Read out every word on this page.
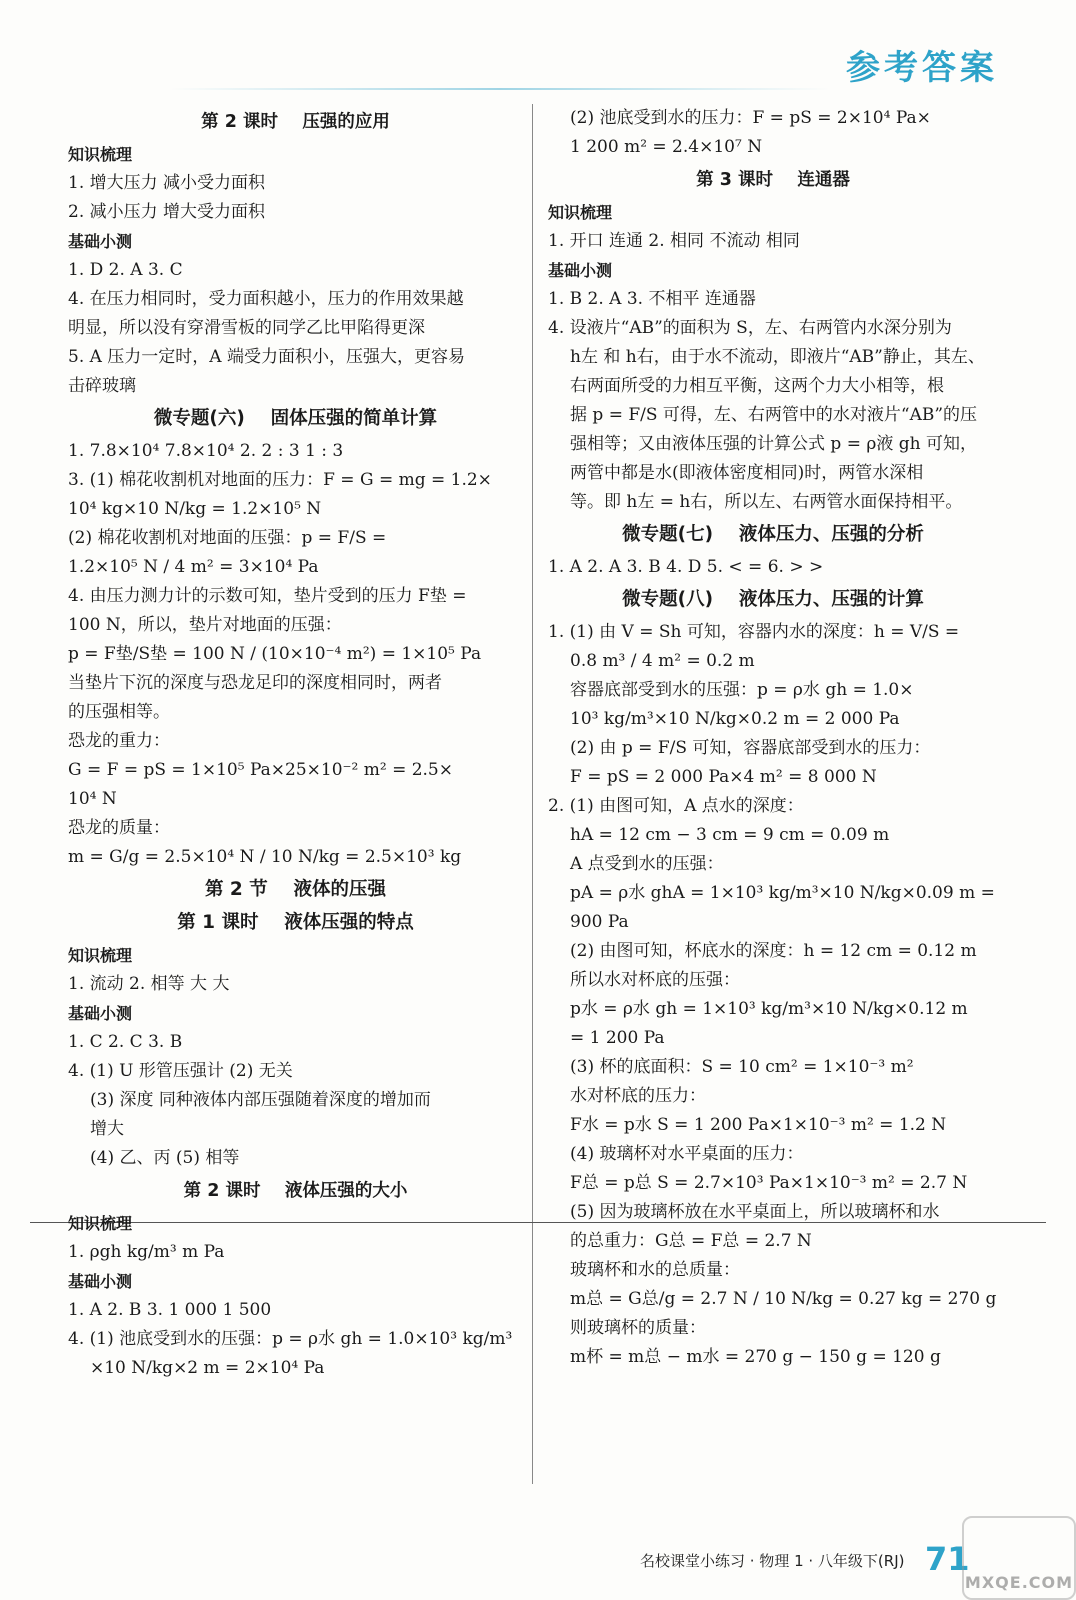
参考答案
第 2 课时    压强的应用
知识梳理
1. 增大压力 减小受力面积
2. 减小压力 增大受力面积
基础小测
1. D 2. A 3. C
4. 在压力相同时，受力面积越小，压力的作用效果越
明显，所以没有穿滑雪板的同学乙比甲陷得更深
5. A 压力一定时，A 端受力面积小，压强大，更容易
击碎玻璃
微专题(六)    固体压强的简单计算
1. 7.8×10⁴ 7.8×10⁴ 2. 2 : 3 1 : 3
3. (1) 棉花收割机对地面的压力：F = G = mg = 1.2×
10⁴ kg×10 N/kg = 1.2×10⁵ N
(2) 棉花收割机对地面的压强：p = F/S =
1.2×10⁵ N / 4 m² = 3×10⁴ Pa
4. 由压力测力计的示数可知，垫片受到的压力 F垫 =
100 N，所以，垫片对地面的压强：
p = F垫/S垫 = 100 N / (10×10⁻⁴ m²) = 1×10⁵ Pa
当垫片下沉的深度与恐龙足印的深度相同时，两者
的压强相等。
恐龙的重力：
G = F = pS = 1×10⁵ Pa×25×10⁻² m² = 2.5×
10⁴ N
恐龙的质量：
m = G/g = 2.5×10⁴ N / 10 N/kg = 2.5×10³ kg
第 2 节    液体的压强
第 1 课时    液体压强的特点
知识梳理
1. 流动 2. 相等 大 大
基础小测
1. C 2. C 3. B
4. (1) U 形管压强计 (2) 无关
(3) 深度 同种液体内部压强随着深度的增加而
增大
(4) 乙、丙 (5) 相等
第 2 课时    液体压强的大小
知识梳理
1. ρgh kg/m³ m Pa
基础小测
1. A 2. B 3. 1 000 1 500
4. (1) 池底受到水的压强：p = ρ水 gh = 1.0×10³ kg/m³
×10 N/kg×2 m = 2×10⁴ Pa
(2) 池底受到水的压力：F = pS = 2×10⁴ Pa×
1 200 m² = 2.4×10⁷ N
第 3 课时    连通器
知识梳理
1. 开口 连通 2. 相同 不流动 相同
基础小测
1. B 2. A 3. 不相平 连通器
4. 设液片“AB”的面积为 S，左、右两管内水深分别为
h左 和 h右，由于水不流动，即液片“AB”静止，其左、
右两面所受的力相互平衡，这两个力大小相等，根
据 p = F/S 可得，左、右两管中的水对液片“AB”的压
强相等；又由液体压强的计算公式 p = ρ液 gh 可知，
两管中都是水(即液体密度相同)时，两管水深相
等。即 h左 = h右，所以左、右两管水面保持相平。
微专题(七)    液体压力、压强的分析
1. A 2. A 3. B 4. D 5. < = 6. > >
微专题(八)    液体压力、压强的计算
1. (1) 由 V = Sh 可知，容器内水的深度：h = V/S =
0.8 m³ / 4 m² = 0.2 m
容器底部受到水的压强：p = ρ水 gh = 1.0×
10³ kg/m³×10 N/kg×0.2 m = 2 000 Pa
(2) 由 p = F/S 可知，容器底部受到水的压力：
F = pS = 2 000 Pa×4 m² = 8 000 N
2. (1) 由图可知，A 点水的深度：
hA = 12 cm − 3 cm = 9 cm = 0.09 m
A 点受到水的压强：
pA = ρ水 ghA = 1×10³ kg/m³×10 N/kg×0.09 m =
900 Pa
(2) 由图可知，杯底水的深度：h = 12 cm = 0.12 m
所以水对杯底的压强：
p水 = ρ水 gh = 1×10³ kg/m³×10 N/kg×0.12 m
= 1 200 Pa
(3) 杯的底面积：S = 10 cm² = 1×10⁻³ m²
水对杯底的压力：
F水 = p水 S = 1 200 Pa×1×10⁻³ m² = 1.2 N
(4) 玻璃杯对水平桌面的压力：
F总 = p总 S = 2.7×10³ Pa×1×10⁻³ m² = 2.7 N
(5) 因为玻璃杯放在水平桌面上，所以玻璃杯和水
的总重力：G总 = F总 = 2.7 N
玻璃杯和水的总质量：
m总 = G总/g = 2.7 N / 10 N/kg = 0.27 kg = 270 g
则玻璃杯的质量：
m杯 = m总 − m水 = 270 g − 150 g = 120 g
名校课堂小练习 · 物理 1 · 八年级下(RJ) 71
MXQE.COM
